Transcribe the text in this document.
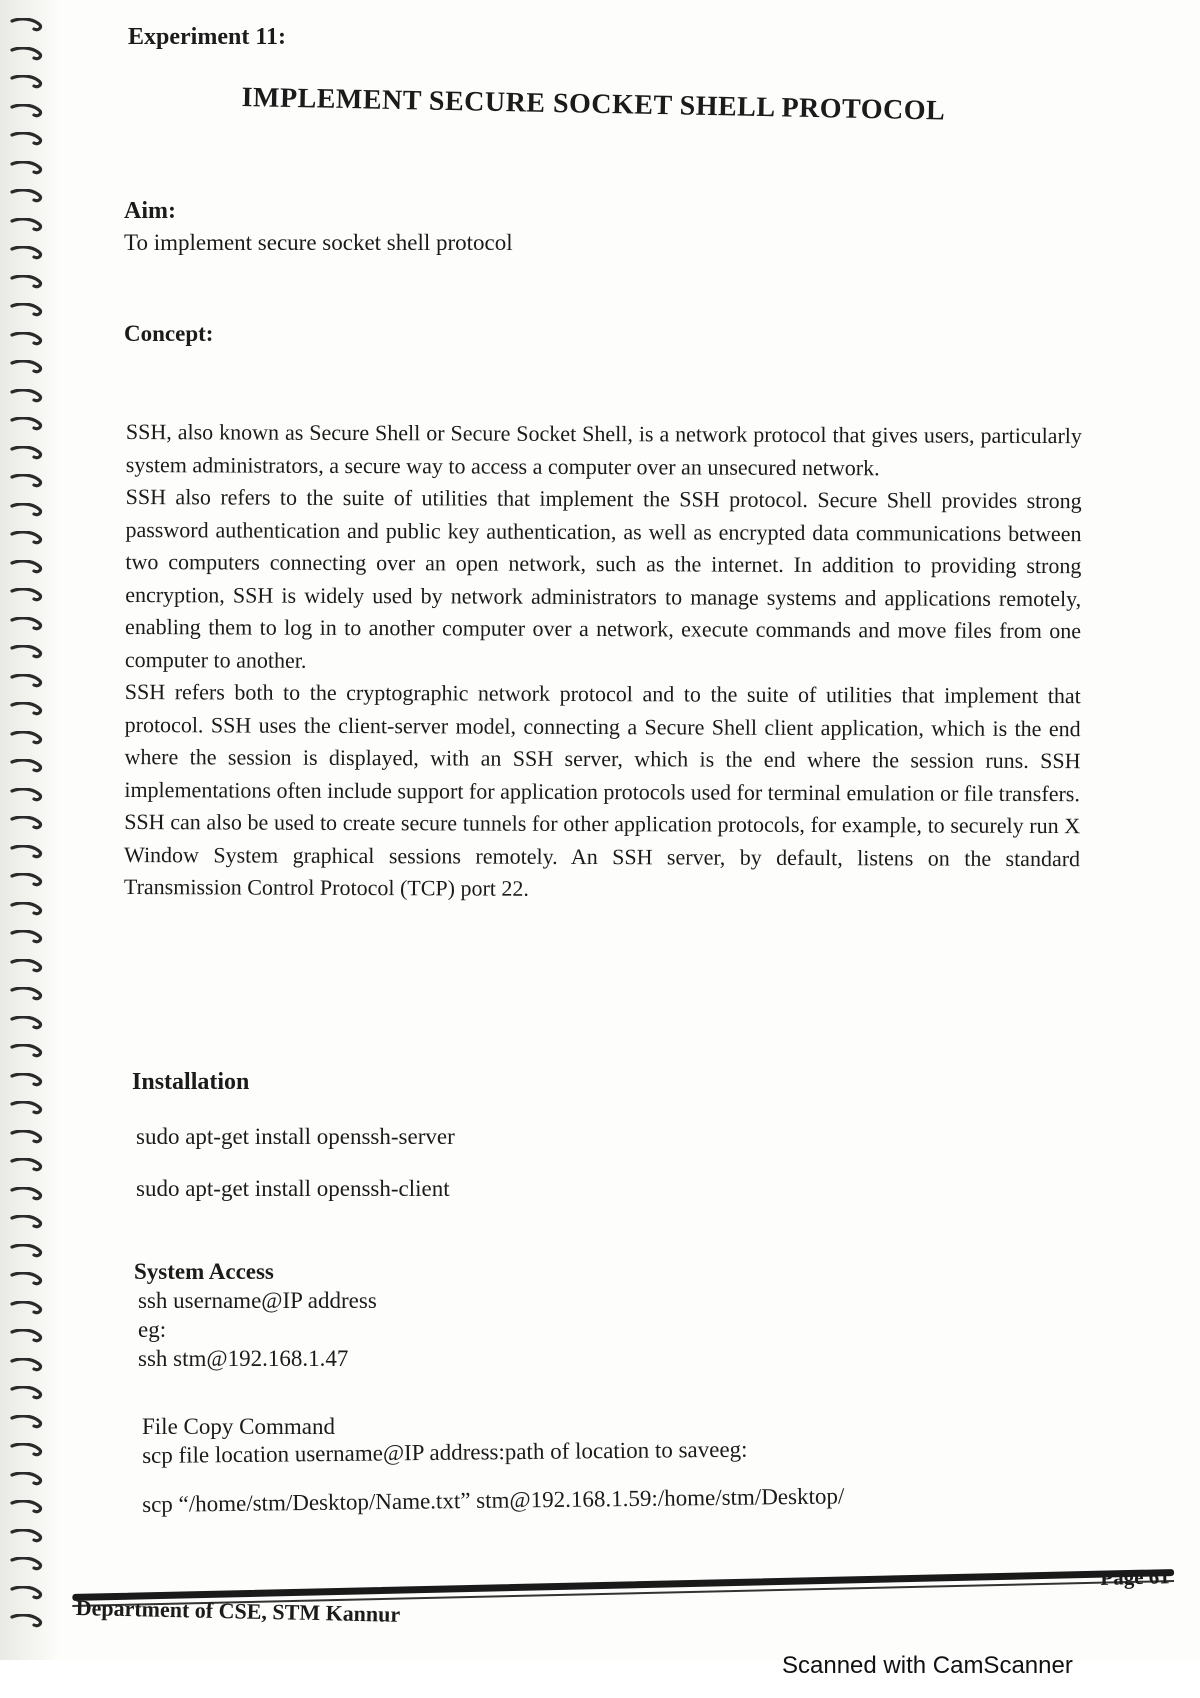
Experiment 11:

IMPLEMENT SECURE SOCKET SHELL PROTOCOL

Aim:

To implement secure socket shell protocol

Concept:

SSH, also known as Secure Shell or Secure Socket Shell, is a network protocol that gives users, particularly system administrators, a secure way to access a computer over an unsecured network.

SSH also refers to the suite of utilities that implement the SSH protocol. Secure Shell provides strong password authentication and public key authentication, as well as encrypted data communications between two computers connecting over an open network, such as the internet. In addition to providing strong encryption, SSH is widely used by network administrators to manage systems and applications remotely, enabling them to log in to another computer over a network, execute commands and move files from one computer to another.

SSH refers both to the cryptographic network protocol and to the suite of utilities that implement that protocol. SSH uses the client-server model, connecting a Secure Shell client application, which is the end where the session is displayed, with an SSH server, which is the end where the session runs. SSH implementations often include support for application protocols used for terminal emulation or file transfers.

SSH can also be used to create secure tunnels for other application protocols, for example, to securely run X Window System graphical sessions remotely. An SSH server, by default, listens on the standard Transmission Control Protocol (TCP) port 22.

Installation

sudo apt-get install openssh-server

sudo apt-get install openssh-client

System Access

ssh username@IP address

eg:

ssh stm@192.168.1.47

File Copy Command

scp file location username@IP address:path of location to saveeg:

scp “/home/stm/Desktop/Name.txt” stm@192.168.1.59:/home/stm/Desktop/

Page 61

Department of CSE, STM Kannur

Scanned with CamScanner
